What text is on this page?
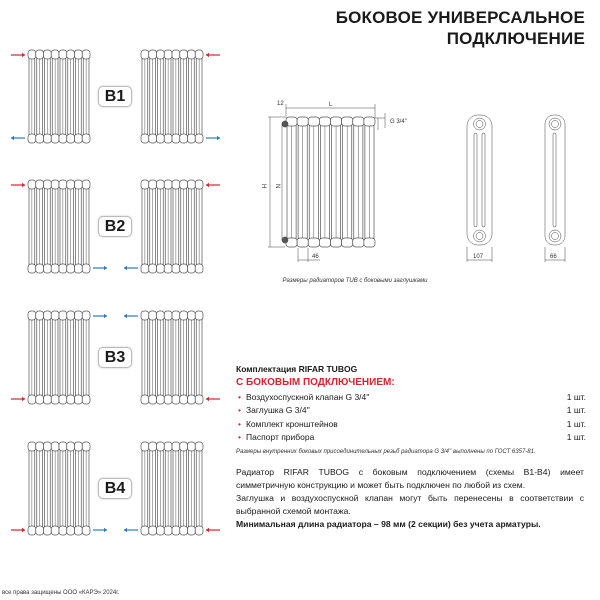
БОКОВОЕ УНИВЕРСАЛЬНОЕ
ПОДКЛЮЧЕНИЕ
B1
B2
B3
B4
12	L
G 3/4''
H N
46	107	66
Размеры радиаторов TUB с боковыми заглушками
Комплектация RIFAR TUBOG
С БОКОВЫМ ПОДКЛЮЧЕНИЕМ:
• Воздухоспускной клапан G 3/4''	1 шт.
• Заглушка G 3/4''	1 шт.
• Комплект кронштейнов	1 шт.
• Паспорт прибора	1 шт.
Размеры внутренних боковых присоединительных резьб радиатора G 3/4'' выполнены по ГОСТ 6357-81.

Радиатор RIFAR TUBOG с боковым подключением (схемы B1-B4) имеет симметричную конструкцию и может быть подключен по любой из схем.

Заглушка и воздухоспускной клапан могут быть перенесены в соответствии с выбранной схемой монтажа.

Минимальная длина радиатора – 98 мм (2 секции) без учета арматуры.

все права защищены ООО «КАРЭ» 2024г.
